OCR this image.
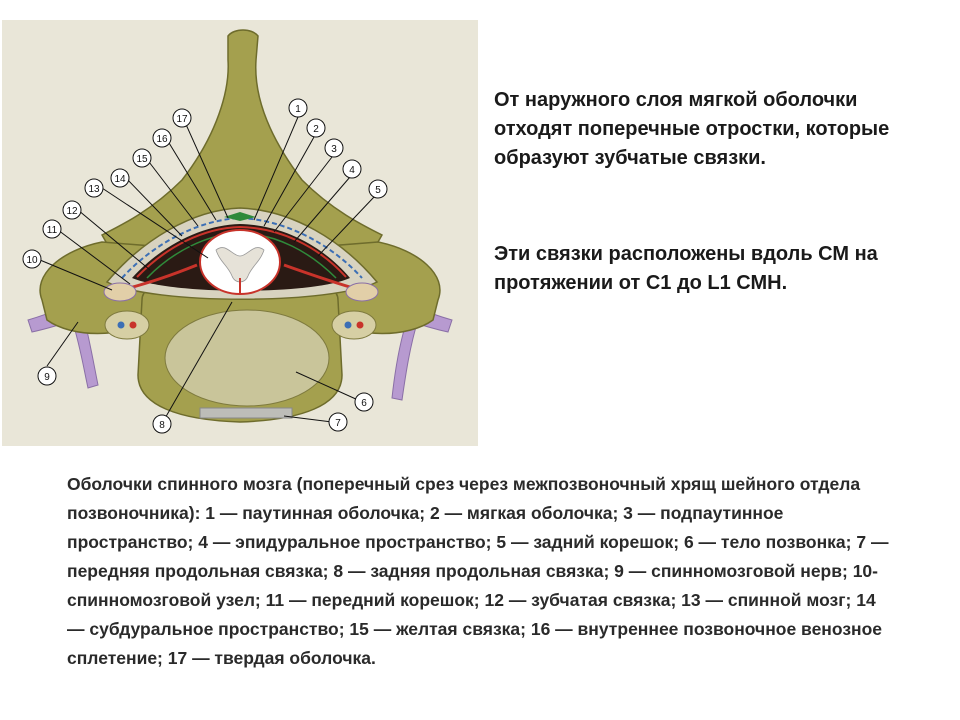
1
2
3
4
5
6
7
8
9
10
11
12
13
14
15
16
17
От наружного слоя мягкой оболочки отходят поперечные отростки, которые образуют зубчатые связки.
Эти связки расположены вдоль СМ на протяжении от С1 до L1 СМН.

Оболочки спинного мозга (поперечный срез через межпозвоночный хрящ шейного отдела позвоночника): 1 — паутинная оболочка; 2 — мягкая оболочка; 3 — подпаутинное пространство; 4 — эпидуральное пространство; 5 — задний корешок; 6 — тело позвонка; 7 — передняя продольная связка; 8 — задняя продольная связка; 9 — спинномозговой нерв; 10- спинномозговой узел; 11 — передний корешок; 12 — зубчатая связка; 13 — спинной мозг; 14 — субдуральное пространство; 15 — желтая связка; 16 — внутреннее позвоночное венозное сплетение; 17 — твердая оболочка.
